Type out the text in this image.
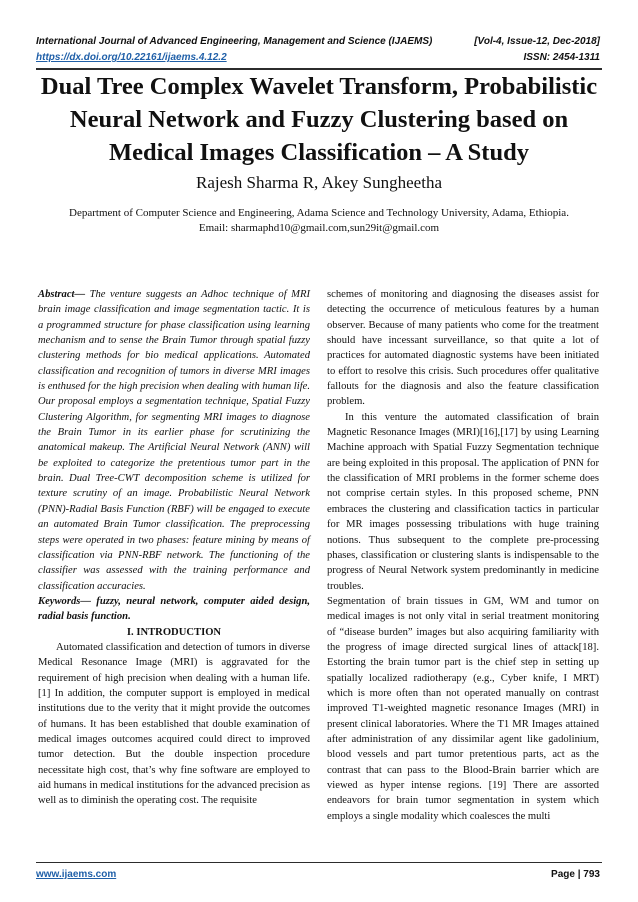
International Journal of Advanced Engineering, Management and Science (IJAEMS)	[Vol-4, Issue-12, Dec-2018]
https://dx.doi.org/10.22161/ijaems.4.12.2	ISSN: 2454-1311
Dual Tree Complex Wavelet Transform, Probabilistic Neural Network and Fuzzy Clustering based on Medical Images Classification – A Study
Rajesh Sharma R, Akey Sungheetha
Department of Computer Science and Engineering, Adama Science and Technology University, Adama, Ethiopia.
Email: sharmaphd10@gmail.com,sun29it@gmail.com

Abstract— The venture suggests an Adhoc technique of MRI brain image classification and image segmentation tactic. It is a programmed structure for phase classification using learning mechanism and to sense the Brain Tumor through spatial fuzzy clustering methods for bio medical applications. Automated classification and recognition of tumors in diverse MRI images is enthused for the high precision when dealing with human life. Our proposal employs a segmentation technique, Spatial Fuzzy Clustering Algorithm, for segmenting MRI images to diagnose the Brain Tumor in its earlier phase for scrutinizing the anatomical makeup. The Artificial Neural Network (ANN) will be exploited to categorize the pretentious tumor part in the brain. Dual Tree-CWT decomposition scheme is utilized for texture scrutiny of an image. Probabilistic Neural Network (PNN)-Radial Basis Function (RBF) will be engaged to execute an automated Brain Tumor classification. The preprocessing steps were operated in two phases: feature mining by means of classification via PNN-RBF network. The functioning of the classifier was assessed with the training performance and classification accuracies.

Keywords— fuzzy, neural network, computer aided design, radial basis function.

I. INTRODUCTION

Automated classification and detection of tumors in diverse Medical Resonance Image (MRI) is aggravated for the requirement of high precision when dealing with a human life. [1] In addition, the computer support is employed in medical institutions due to the verity that it might provide the outcomes of humans. It has been established that double examination of medical images outcomes acquired could direct to improved tumor detection. But the double inspection procedure necessitate high cost, that’s why fine software are employed to aid humans in medical institutions for the advanced precision as well as to diminish the operating cost. The requisite

schemes of monitoring and diagnosing the diseases assist for detecting the occurrence of meticulous features by a human observer. Because of many patients who come for the treatment should have incessant surveillance, so that quite a lot of practices for automated diagnostic systems have been initiated to effort to resolve this crisis. Such procedures offer qualitative fallouts for the diagnosis and also the feature classification problem.

In this venture the automated classification of brain Magnetic Resonance Images (MRI)[16],[17] by using Learning Machine approach with Spatial Fuzzy Segmentation technique are being exploited in this proposal. The application of PNN for the classification of MRI problems in the former scheme does not comprise certain styles. In this proposed scheme, PNN embraces the clustering and classification tactics in particular for MR images possessing tribulations with huge training notions. Thus subsequent to the complete pre-processing phases, classification or clustering slants is indispensable to the progress of Neural Network system predominantly in medicine troubles.

Segmentation of brain tissues in GM, WM and tumor on medical images is not only vital in serial treatment monitoring of “disease burden” images but also acquiring familiarity with the progress of image directed surgical lines of attack[18]. Estorting the brain tumor part is the chief step in setting up spatially localized radiotherapy (e.g., Cyber knife, I MRT) which is more often than not operated manually on contrast improved T1-weighted magnetic resonance Images (MRI) in present clinical laboratories. Where the T1 MR Images attained after administration of any dissimilar agent like gadolinium, blood vessels and part tumor pretentious parts, act as the contrast that can pass to the Blood-Brain barrier which are viewed as hyper intense regions. [19] There are assorted endeavors for brain tumor segmentation in system which employs a single modality which coalesces the multi

www.ijaems.com	Page | 793
